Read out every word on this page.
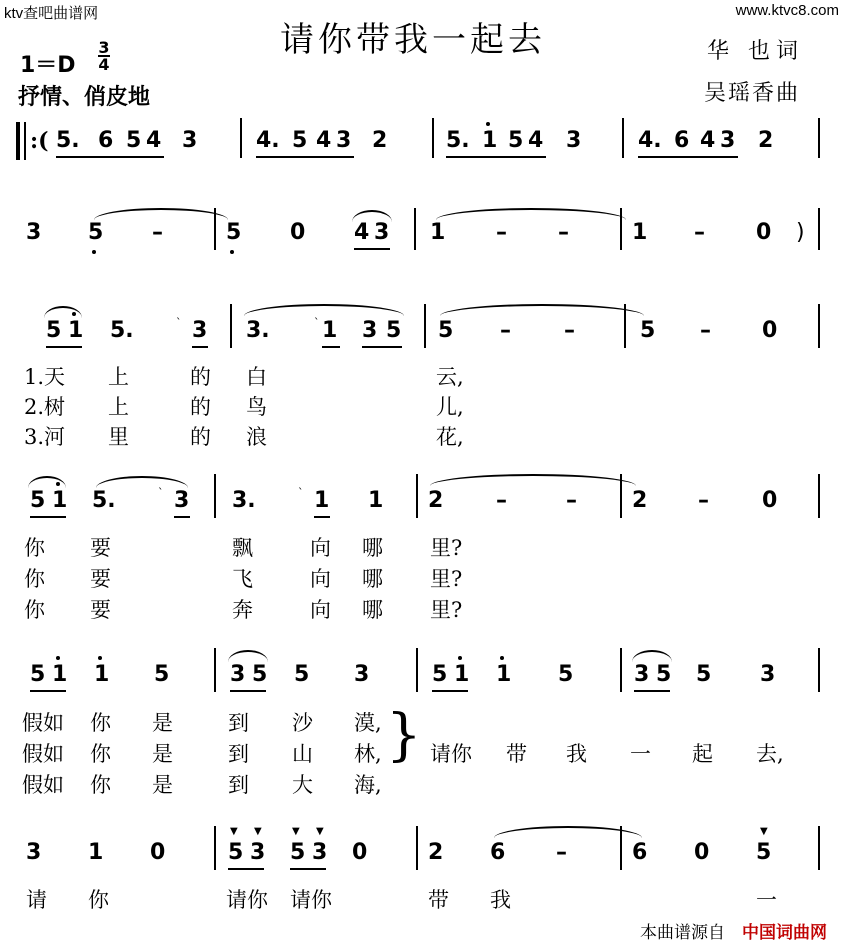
ktv查吧曲谱网	www.ktvc8.com
请你带我一起去
1＝D
3
4
抒情、俏皮地
华 也词
吴瑶香曲
:( 5. 6 5 4 3	4. 5 4 3 2	5. 1 5 4 3	4. 6 4 3 2
3 5 –	5 0 4 3 1 – –	1 – 0 )
5 1 5.	` 3 3.	` 1 3 5 5 – –	5 – 0
1.天 上	的 白	云,
2.树 上	的 鸟	儿,
3.河 里	的 浪	花,
5 1 5.	` 3 3.	` 1 1 2 –	–	2 – 0
你 要	飘	向 哪 里?
你 要	飞	向 哪 里?
你 要	奔	向 哪 里?
5 1 1 5	3 5 5 3	5 1 1 5	3 5 5 3
假如 你 是	到 沙 漠,
假如 你 是	到 山 林,
假如 你 是	到 大 海,
} 请你 带 我 一 起 去,
3 1 0
▼ ▼
5 3
▼ ▼
5 3 0	2 6 –	6 0
▼
5
请 你	请你 请你	带 我	一
本曲谱源自 中国词曲网
